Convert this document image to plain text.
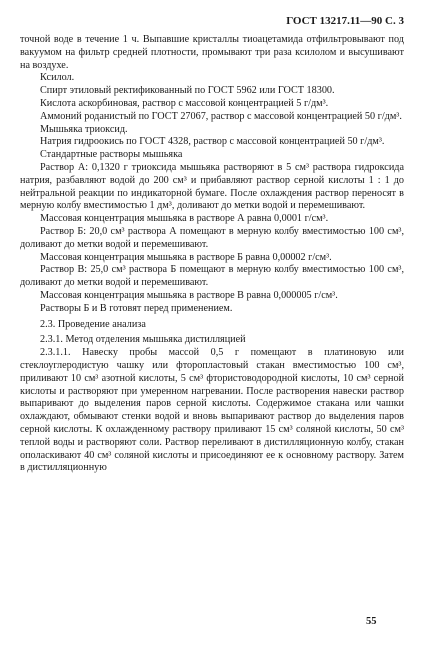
ГОСТ 13217.11—90 С. 3

точной воде в течение 1 ч. Выпавшие кристаллы тиоацетамида отфильтровывают под вакуумом на фильтр средней плотности, промывают три раза ксилолом и высушивают на воздухе.

Ксилол.

Спирт этиловый ректификованный по ГОСТ 5962 или ГОСТ 18300.

Кислота аскорбиновая, раствор с массовой концентрацией 5 г/дм³.

Аммоний роданистый по ГОСТ 27067, раствор с массовой концентрацией 50 г/дм³.

Мышьяка триоксид.

Натрия гидроокись по ГОСТ 4328, раствор с массовой концентрацией 50 г/дм³.

Стандартные растворы мышьяка

Раствор А: 0,1320 г триоксида мышьяка растворяют в 5 см³ раствора гидроксида натрия, разбавляют водой до 200 см³ и прибавляют раствор серной кислоты 1 : 1 до нейтральной реакции по индикаторной бумаге. После охлаждения раствор переносят в мерную колбу вместимостью 1 дм³, доливают до метки водой и перемешивают.

Массовая концентрация мышьяка в растворе А равна 0,0001 г/см³.

Раствор Б: 20,0 см³ раствора А помещают в мерную колбу вместимостью 100 см³, доливают до метки водой и перемешивают.

Массовая концентрация мышьяка в растворе Б равна 0,00002 г/см³.

Раствор В: 25,0 см³ раствора Б помещают в мерную колбу вместимостью 100 см³, доливают до метки водой и перемешивают.

Массовая концентрация мышьяка в растворе В равна 0,000005 г/см³.

Растворы Б и В готовят перед применением.

2.3. Проведение анализа

2.3.1. Метод отделения мышьяка дистилляцией

2.3.1.1. Навеску пробы массой 0,5 г помещают в платиновую или стеклоуглеродистую чашку или фторопластовый стакан вместимостью 100 см³, приливают 10 см³ азотной кислоты, 5 см³ фтористоводородной кислоты, 10 см³ серной кислоты и растворяют при умеренном нагревании. После растворения навески раствор выпаривают до выделения паров серной кислоты. Содержимое стакана или чашки охлаждают, обмывают стенки водой и вновь выпаривают раствор до выделения паров серной кислоты. К охлажденному раствору приливают 15 см³ соляной кислоты, 50 см³ теплой воды и растворяют соли. Раствор переливают в дистилляционную колбу, стакан ополаскивают 40 см³ соляной кислоты и присоединяют ее к основному раствору. Затем в дистилляционную

55
